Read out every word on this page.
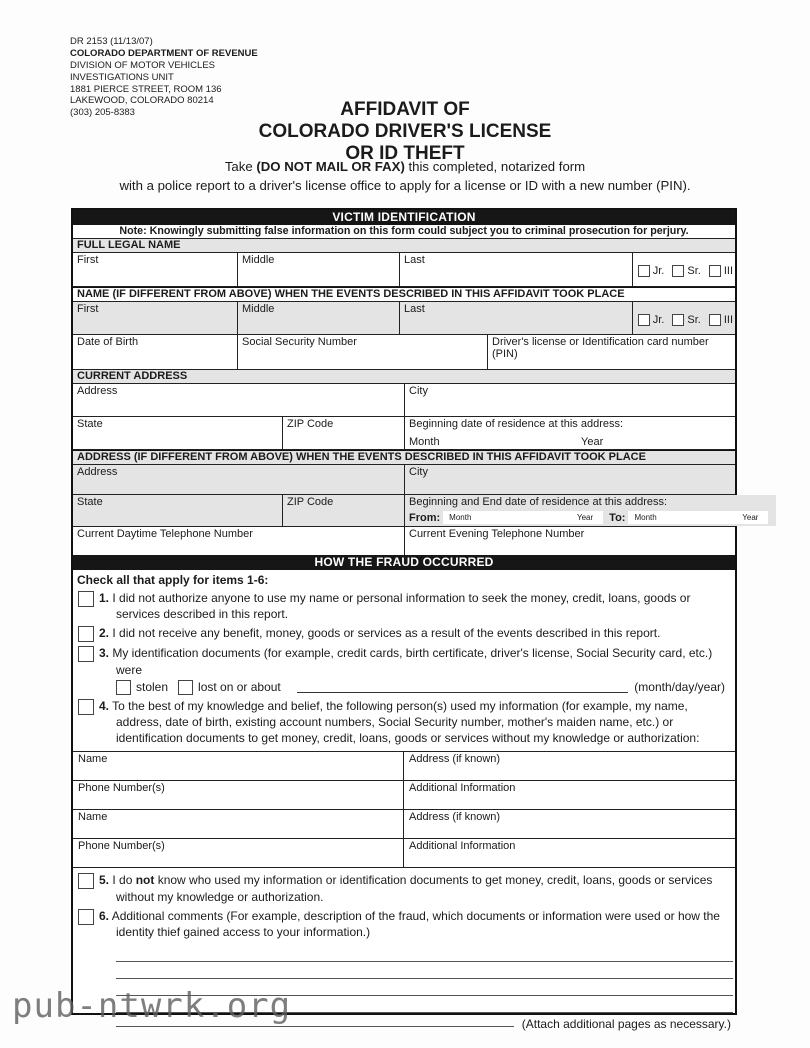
DR 2153 (11/13/07)
COLORADO DEPARTMENT OF REVENUE
DIVISION OF MOTOR VEHICLES
INVESTIGATIONS UNIT
1881 PIERCE STREET, ROOM 136
LAKEWOOD, COLORADO 80214
(303) 205-8383	AFFIDAVIT OF
COLORADO DRIVER'S LICENSE
OR ID THEFT
Take (DO NOT MAIL OR FAX) this completed, notarized form
with a police report to a driver's license office to apply for a license or ID with a new number (PIN).
VICTIM IDENTIFICATION
Note: Knowingly submitting false information on this form could subject you to criminal prosecution for perjury.
FULL LEGAL NAME
First	Middle	Last
Jr. Sr. III
NAME (IF DIFFERENT FROM ABOVE) WHEN THE EVENTS DESCRIBED IN THIS AFFIDAVIT TOOK PLACE
First	Middle	Last
Jr. Sr. III
Date of Birth	Social Security Number	Driver's license or Identification card number (PIN)
CURRENT ADDRESS
Address	City
State	ZIP Code	Beginning date of residence at this address:
Month	Year
ADDRESS (IF DIFFERENT FROM ABOVE) WHEN THE EVENTS DESCRIBED IN THIS AFFIDAVIT TOOK PLACE
Address	City
State	ZIP Code	Beginning and End date of residence at this address:
From: Month	Year To: Month	Year
Current Daytime Telephone Number	Current Evening Telephone Number
HOW THE FRAUD OCCURRED
Check all that apply for items 1-6:
1. I did not authorize anyone to use my name or personal information to seek the money, credit, loans, goods or services described in this report.
2. I did not receive any benefit, money, goods or services as a result of the events described in this report.
3. My identification documents (for example, credit cards, birth certificate, driver's license, Social Security card, etc.) were
stolen	lost on or about	(month/day/year)
4. To the best of my knowledge and belief, the following person(s) used my information (for example, my name, address, date of birth, existing account numbers, Social Security number, mother's maiden name, etc.) or identification documents to get money, credit, loans, goods or services without my knowledge or authorization:
Name	Address (if known)
Phone Number(s)	Additional Information
Name	Address (if known)
Phone Number(s)	Additional Information
5. I do not know who used my information or identification documents to get money, credit, loans, goods or services without my knowledge or authorization.
6. Additional comments (For example, description of the fraud, which documents or information were used or how the identity thief gained access to your information.)
(Attach additional pages as necessary.)
pub-ntwrk.org
